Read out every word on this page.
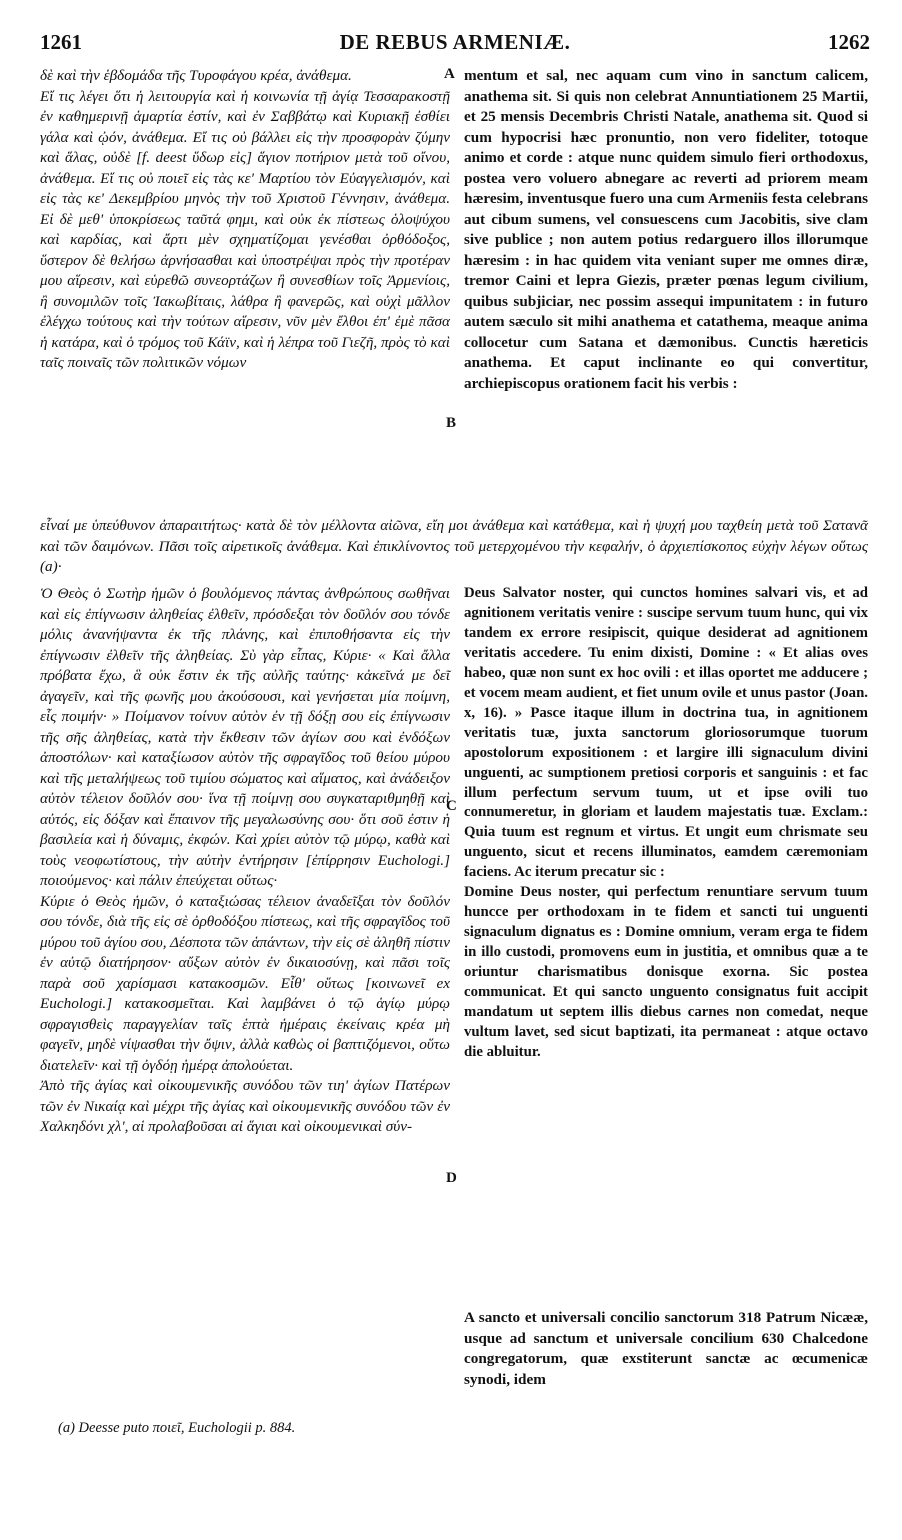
1261	DE REBUS ARMENIÆ.	1262
δὲ καὶ τὴν ἑβδομάδα τῆς Τυροφάγου κρέα, ἀνάθεμα.
Εἴ τις λέγει ὅτι ἡ λειτουργία καὶ ἡ κοινωνία τῇ ἁγίᾳ Τεσσαρακοστῇ ἐν καθημερινῇ ἁμαρτία ἐστίν, καὶ ἐν Σαββάτῳ καὶ Κυριακῇ ἐσθίει γάλα καὶ ᾠόν, ἀνάθεμα. Εἴ τις οὐ βάλλει εἰς τὴν προσφορὰν ζύμην καὶ ἅλας, οὐδὲ [f. deest ὕδωρ εἰς] ἅγιον ποτήριον μετὰ τοῦ οἴνου, ἀνάθεμα. Εἴ τις οὐ ποιεῖ εἰς τὰς κε' Μαρτίου τὸν Εὐαγγελισμόν, καὶ εἰς τὰς κε' Δεκεμβρίου μηνὸς τὴν τοῦ Χριστοῦ Γέννησιν, ἀνάθεμα. Εἰ δὲ μεθ' ὑποκρίσεως ταῦτά φημι, καὶ οὐκ ἐκ πίστεως ὁλοψύχου καὶ καρδίας, καὶ ἄρτι μὲν σχηματίζομαι γενέσθαι ὀρθόδοξος, ὕστερον δὲ θελήσω ἀρνήσασθαι καὶ ὑποστρέψαι πρὸς τὴν προτέραν μου αἵρεσιν, καὶ εὑρεθῶ συνεορτάζων ἢ συνεσθίων τοῖς Ἀρμενίοις, ἢ συνομιλῶν τοῖς Ἰακωβίταις, λάθρα ἢ φανερῶς, καὶ οὐχὶ μᾶλλον ἐλέγχω τούτους καὶ τὴν τούτων αἵρεσιν, νῦν μὲν ἔλθοι ἐπ' ἐμὲ πᾶσα ἡ κατάρα, καὶ ὁ τρόμος τοῦ Κάϊν, καὶ ἡ λέπρα τοῦ Γιεζῆ, πρὸς τὸ καὶ ταῖς ποιναῖς τῶν πολιτικῶν νόμων
mentum et sal, nec aquam cum vino in sanctum calicem, anathema sit. Si quis non celebrat Annuntiationem 25 Martii, et 25 mensis Decembris Christi Natale, anathema sit. Quod si cum hypocrisi hæc pronuntio, non vero fideliter, totoque animo et corde : atque nunc quidem simulo fieri orthodoxus, postea vero voluero abnegare ac reverti ad priorem meam hæresim, inventusque fuero una cum Armeniis festa celebrans aut cibum sumens, vel consuescens cum Jacobitis, sive clam sive publice ; non autem potius redarguero illos illorumque hæresim : in hac quidem vita veniant super me omnes diræ, tremor Caini et lepra Giezis, præter pœnas legum civilium, quibus subjiciar, nec possim assequi impunitatem : in futuro autem sæculo sit mihi anathema et catathema, meaque anima collocetur cum Satana et dæmonibus. Cunctis hæreticis anathema. Et caput inclinante eo qui convertitur, archiepiscopus orationem facit his verbis :
εἶναί με ὑπεύθυνον ἀπαραιτήτως· κατὰ δὲ τὸν μέλλοντα αἰῶνα, εἴη μοι ἀνάθεμα καὶ κατάθεμα, καὶ ἡ ψυχή μου ταχθείη μετὰ τοῦ Σατανᾶ καὶ τῶν δαιμόνων. Πᾶσι τοῖς αἱρετικοῖς ἀνάθεμα. Καὶ ἐπικλίνοντος τοῦ μετερχομένου τὴν κεφαλήν, ὁ ἀρχιεπίσκοπος εὐχὴν λέγων οὕτως (a)·
Ὁ Θεὸς ὁ Σωτὴρ ἡμῶν ὁ βουλόμενος πάντας ἀνθρώπους σωθῆναι καὶ εἰς ἐπίγνωσιν ἀληθείας ἐλθεῖν, πρόσδεξαι τὸν δοῦλόν σου τόνδε μόλις ἀνανήψαντα ἐκ τῆς πλάνης, καὶ ἐπιποθήσαντα εἰς τὴν ἐπίγνωσιν ἐλθεῖν τῆς ἀληθείας. Σὺ γὰρ εἶπας, Κύριε· « Καὶ ἄλλα πρόβατα ἔχω, ἃ οὐκ ἔστιν ἐκ τῆς αὐλῆς ταύτης· κἀκεῖνά με δεῖ ἀγαγεῖν, καὶ τῆς φωνῆς μου ἀκούσουσι, καὶ γενήσεται μία ποίμνη, εἷς ποιμήν· » Ποίμανον τοίνυν αὐτὸν ἐν τῇ δόξῃ σου εἰς ἐπίγνωσιν τῆς σῆς ἀληθείας, κατὰ τὴν ἔκθεσιν τῶν ἁγίων σου καὶ ἐνδόξων ἀποστόλων· καὶ καταξίωσον αὐτὸν τῆς σφραγῖδος τοῦ θείου μύρου καὶ τῆς μεταλήψεως τοῦ τιμίου σώματος καὶ αἵματος, καὶ ἀνάδειξον αὐτὸν τέλειον δοῦλόν σου· ἵνα τῇ ποίμνῃ σου συγκαταριθμηθῇ καὶ αὐτός, εἰς δόξαν καὶ ἔπαινον τῆς μεγαλωσύνης σου· ὅτι σοῦ ἐστιν ἡ βασιλεία καὶ ἡ δύναμις, ἐκφών. Καὶ χρίει αὐτὸν τῷ μύρῳ, καθὰ καὶ τοὺς νεοφωτίστους, τὴν αὐτὴν ἐντήρησιν [ἐπίρρησιν Euchologi.] ποιούμενος· καὶ πάλιν ἐπεύχεται οὕτως·
Κύριε ὁ Θεὸς ἡμῶν, ὁ καταξιώσας τέλειον ἀναδεῖξαι τὸν δοῦλόν σου τόνδε, διὰ τῆς εἰς σὲ ὀρθοδόξου πίστεως, καὶ τῆς σφραγῖδος τοῦ μύρου τοῦ ἁγίου σου, Δέσποτα τῶν ἁπάντων, τὴν εἰς σὲ ἀληθῆ πίστιν ἐν αὐτῷ διατήρησον· αὔξων αὐτὸν ἐν δικαιοσύνῃ, καὶ πᾶσι τοῖς παρὰ σοῦ χαρίσμασι κατακοσμῶν. Εἶθ' οὕτως [κοινωνεῖ ex Euchologi.] κατακοσμεῖται. Καὶ λαμβάνει ὁ τῷ ἁγίῳ μύρῳ σφραγισθεὶς παραγγελίαν ταῖς ἑπτὰ ἡμέραις ἐκείναις κρέα μὴ φαγεῖν, μηδὲ νίψασθαι τὴν ὄψιν, ἀλλὰ καθὼς οἱ βαπτιζόμενοι, οὕτω διατελεῖν· καὶ τῇ ὀγδόῃ ἡμέρᾳ ἀπολούεται.
Ἀπὸ τῆς ἁγίας καὶ οἰκουμενικῆς συνόδου τῶν τιη' ἁγίων Πατέρων τῶν ἐν Νικαίᾳ καὶ μέχρι τῆς ἁγίας καὶ οἰκουμενικῆς συνόδου τῶν ἐν Χαλκηδόνι χλ', αἱ προλαβοῦσαι αἱ ἅγιαι καὶ οἰκουμενικαὶ σύν-
Deus Salvator noster, qui cunctos homines salvari vis, et ad agnitionem veritatis venire : suscipe servum tuum hunc, qui vix tandem ex errore resipiscit, quique desiderat ad agnitionem veritatis accedere. Tu enim dixisti, Domine : « Et alias oves habeo, quæ non sunt ex hoc ovili : et illas oportet me adducere ; et vocem meam audient, et fiet unum ovile et unus pastor (Joan. x, 16). » Pasce itaque illum in doctrina tua, in agnitionem veritatis tuæ, juxta sanctorum gloriosorumque tuorum apostolorum expositionem : et largire illi signaculum divini unguenti, ac sumptionem pretiosi corporis et sanguinis : et fac illum perfectum servum tuum, ut et ipse ovili tuo connumeretur, in gloriam et laudem majestatis tuæ. Exclam.: Quia tuum est regnum et virtus. Et ungit eum chrismate seu unguento, sicut et recens illuminatos, eamdem cæremoniam faciens. Ac iterum precatur sic :
Domine Deus noster, qui perfectum renuntiare servum tuum huncce per orthodoxam in te fidem et sancti tui unguenti signaculum dignatus es : Domine omnium, veram erga te fidem in illo custodi, promovens eum in justitia, et omnibus quæ a te oriuntur charismatibus donisque exorna. Sic postea communicat. Et qui sancto unguento consignatus fuit accipit mandatum ut septem illis diebus carnes non comedat, neque vultum lavet, sed sicut baptizati, ita permaneat : atque octavo die abluitur.
A sancto et universali concilio sanctorum 318 Patrum Nicææ, usque ad sanctum et universale concilium 630 Chalcedone congregatorum, quæ exstiterunt sanctæ ac œcumenicæ synodi, idem
A
B
C
D
(a) Deesse puto ποιεῖ, Euchologii p. 884.
